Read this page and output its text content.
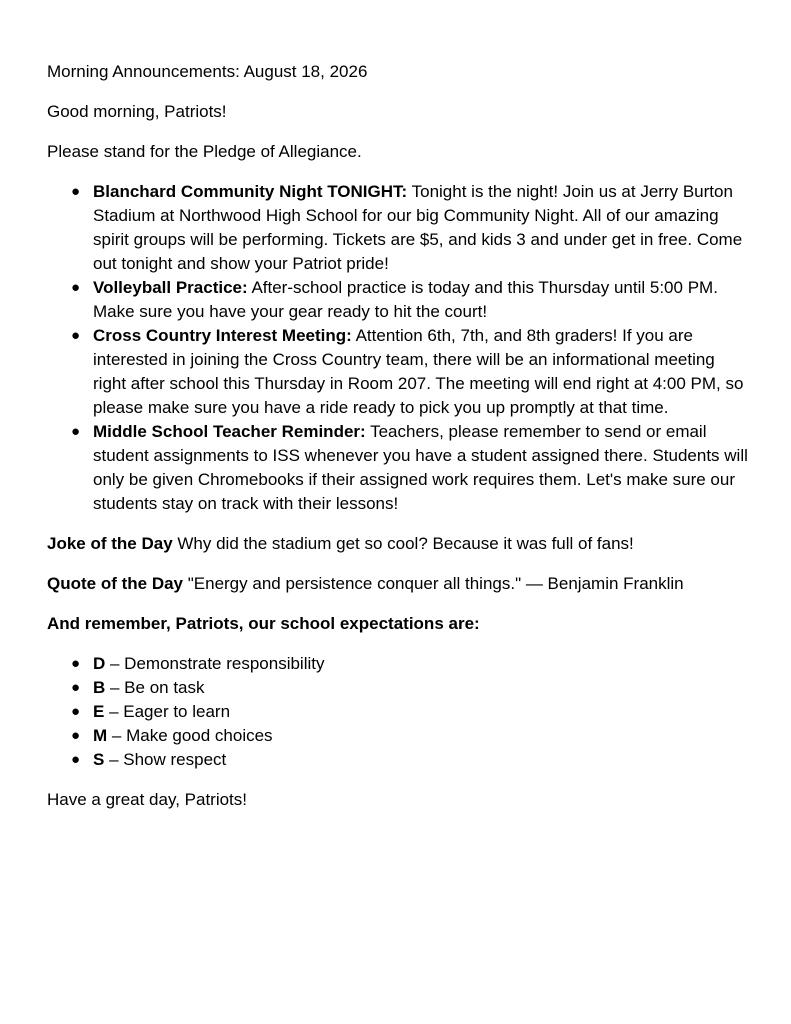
Morning Announcements: August 18, 2026

Good morning, Patriots!

Please stand for the Pledge of Allegiance.

● Blanchard Community Night TONIGHT: Tonight is the night! Join us at Jerry Burton Stadium at Northwood High School for our big Community Night. All of our amazing spirit groups will be performing. Tickets are $5, and kids 3 and under get in free. Come out tonight and show your Patriot pride!
● Volleyball Practice: After-school practice is today and this Thursday until 5:00 PM. Make sure you have your gear ready to hit the court!
● Cross Country Interest Meeting: Attention 6th, 7th, and 8th graders! If you are interested in joining the Cross Country team, there will be an informational meeting right after school this Thursday in Room 207. The meeting will end right at 4:00 PM, so please make sure you have a ride ready to pick you up promptly at that time.
● Middle School Teacher Reminder: Teachers, please remember to send or email student assignments to ISS whenever you have a student assigned there. Students will only be given Chromebooks if their assigned work requires them. Let's make sure our students stay on track with their lessons!

Joke of the Day Why did the stadium get so cool? Because it was full of fans!

Quote of the Day "Energy and persistence conquer all things." — Benjamin Franklin

And remember, Patriots, our school expectations are:

● D – Demonstrate responsibility
● B – Be on task
● E – Eager to learn
● M – Make good choices
● S – Show respect

Have a great day, Patriots!
